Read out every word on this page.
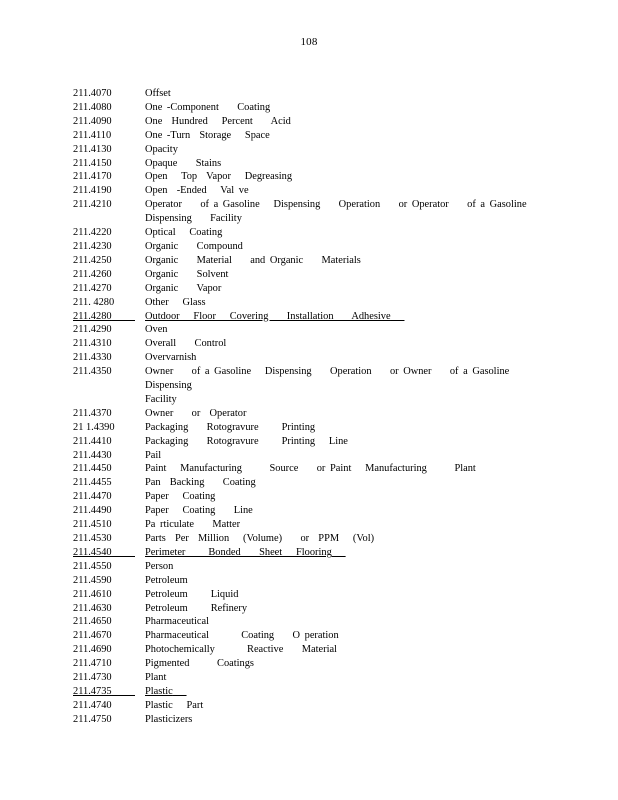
108
211.4070	Offset
211.4080	One -Component    Coating
211.4090	One  Hundred   Percent    Acid
211.4110	One -Turn  Storage   Space
211.4130	Opacity
211.4150	Opaque    Stains
211.4170	Open   Top  Vapor   Degreasing
211.4190	Open  -Ended   Val ve
211.4210	Operator    of a Gasoline   Dispensing    Operation    or Operator    of a Gasoline
Dispensing    Facility
211.4220	Optical   Coating
211.4230	Organic    Compound
211.4250	Organic    Material    and Organic    Materials
211.4260	Organic    Solvent
211.4270	Organic    Vapor
211. 4280	Other   Glass
211.4280	Outdoor   Floor   Covering    Installation    Adhesive
211.4290	Oven
211.4310	Overall    Control
211.4330	Overvarnish
211.4350	Owner    of a Gasoline   Dispensing    Operation    or Owner    of a Gasoline   Dispensing
Facility
211.4370	Owner    or  Operator
21 1.4390	Packaging    Rotogravure     Printing
211.4410	Packaging    Rotogravure     Printing   Line
211.4430	Pail
211.4450	Paint   Manufacturing      Source    or Paint   Manufacturing      Plant
211.4455	Pan  Backing    Coating
211.4470	Paper   Coating
211.4490	Paper   Coating    Line
211.4510	Pa rticulate    Matter
211.4530	Parts  Per  Million   (Volume)    or  PPM   (Vol)
211.4540	Perimeter     Bonded    Sheet   Flooring
211.4550	Person
211.4590	Petroleum
211.4610	Petroleum     Liquid
211.4630	Petroleum     Refinery
211.4650	Pharmaceutical
211.4670	Pharmaceutical       Coating    O peration
211.4690	Photochemically       Reactive    Material
211.4710	Pigmented      Coatings
211.4730	Plant
211.4735	Plastic
211.4740	Plastic   Part
211.4750	Plasticizers
